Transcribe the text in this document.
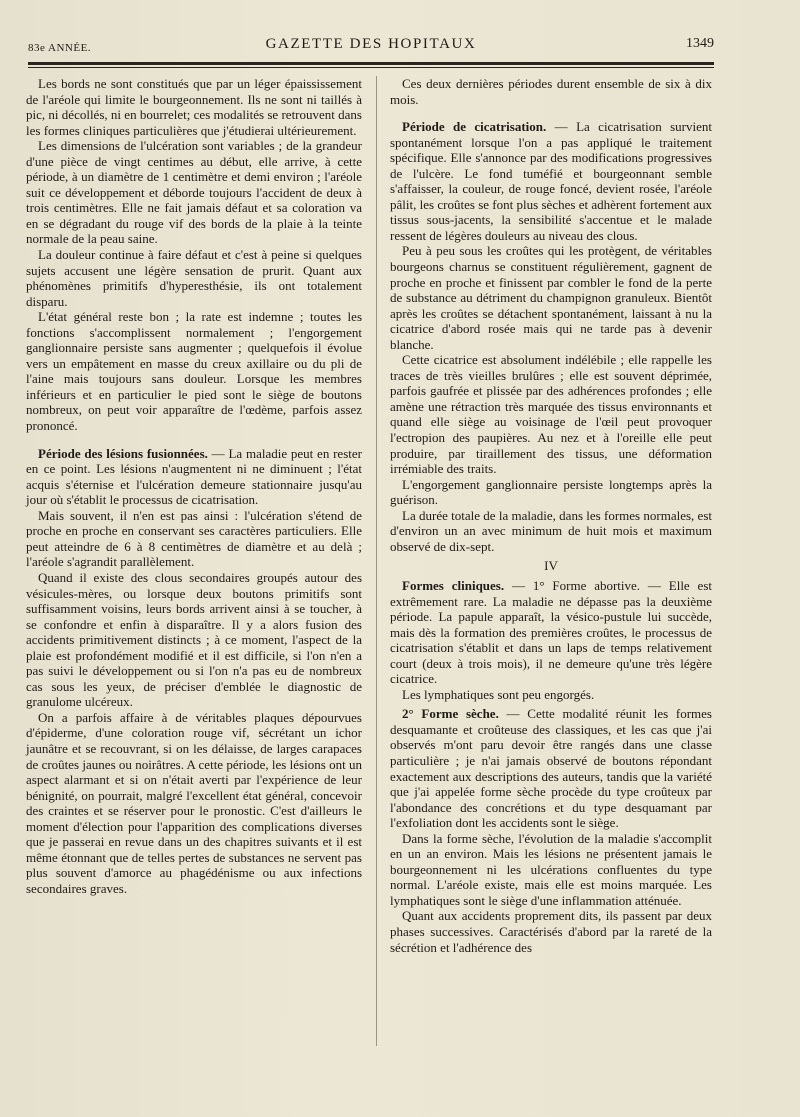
83e ANNÉE.	GAZETTE DES HOPITAUX	1349

Les bords ne sont constitués que par un léger épaississement de l'aréole qui limite le bourgeonnement. Ils ne sont ni taillés à pic, ni décollés, ni en bourrelet; ces modalités se retrouvent dans les formes cliniques particulières que j'étudierai ultérieurement.

Les dimensions de l'ulcération sont variables ; de la grandeur d'une pièce de vingt centimes au début, elle arrive, à cette période, à un diamètre de 1 centimètre et demi environ ; l'aréole suit ce développement et déborde toujours l'accident de deux à trois centimètres. Elle ne fait jamais défaut et sa coloration va en se dégradant du rouge vif des bords de la plaie à la teinte normale de la peau saine.

La douleur continue à faire défaut et c'est à peine si quelques sujets accusent une légère sensation de prurit. Quant aux phénomènes primitifs d'hyperesthésie, ils ont totalement disparu.

L'état général reste bon ; la rate est indemne ; toutes les fonctions s'accomplissent normalement ; l'engorgement ganglionnaire persiste sans augmenter ; quelquefois il évolue vers un empâtement en masse du creux axillaire ou du pli de l'aine mais toujours sans douleur. Lorsque les membres inférieurs et en particulier le pied sont le siège de boutons nombreux, on peut voir apparaître de l'œdème, parfois assez prononcé.

Période des lésions fusionnées. — La maladie peut en rester en ce point. Les lésions n'augmentent ni ne diminuent ; l'état acquis s'éternise et l'ulcération demeure stationnaire jusqu'au jour où s'établit le processus de cicatrisation.

Mais souvent, il n'en est pas ainsi : l'ulcération s'étend de proche en proche en conservant ses caractères particuliers. Elle peut atteindre de 6 à 8 centimètres de diamètre et au delà ; l'aréole s'agrandit parallèlement.

Quand il existe des clous secondaires groupés autour des vésicules-mères, ou lorsque deux boutons primitifs sont suffisamment voisins, leurs bords arrivent ainsi à se toucher, à se confondre et enfin à disparaître. Il y a alors fusion des accidents primitivement distincts ; à ce moment, l'aspect de la plaie est profondément modifié et il est difficile, si l'on n'en a pas suivi le développement ou si l'on n'a pas eu de nombreux cas sous les yeux, de préciser d'emblée le diagnostic de granulome ulcéreux.

On a parfois affaire à de véritables plaques dépourvues d'épiderme, d'une coloration rouge vif, sécrétant un ichor jaunâtre et se recouvrant, si on les délaisse, de larges carapaces de croûtes jaunes ou noirâtres. A cette période, les lésions ont un aspect alarmant et si on n'était averti par l'expérience de leur bénignité, on pourrait, malgré l'excellent état général, concevoir des craintes et se réserver pour le pronostic. C'est d'ailleurs le moment d'élection pour l'apparition des complications diverses que je passerai en revue dans un des chapitres suivants et il est même étonnant que de telles pertes de substances ne servent pas plus souvent d'amorce au phagédénisme ou aux infections secondaires graves.

Ces deux dernières périodes durent ensemble de six à dix mois.

Période de cicatrisation. — La cicatrisation survient spontanément lorsque l'on a pas appliqué le traitement spécifique. Elle s'annonce par des modifications progressives de l'ulcère. Le fond tuméfié et bourgeonnant semble s'affaisser, la couleur, de rouge foncé, devient rosée, l'aréole pâlit, les croûtes se font plus sèches et adhèrent fortement aux tissus sous-jacents, la sensibilité s'accentue et le malade ressent de légères douleurs au niveau des clous.

Peu à peu sous les croûtes qui les protègent, de véritables bourgeons charnus se constituent régulièrement, gagnent de proche en proche et finissent par combler le fond de la perte de substance au détriment du champignon granuleux. Bientôt après les croûtes se détachent spontanément, laissant à nu la cicatrice d'abord rosée mais qui ne tarde pas à devenir blanche.

Cette cicatrice est absolument indélébile ; elle rappelle les traces de très vieilles brulûres ; elle est souvent déprimée, parfois gaufrée et plissée par des adhérences profondes ; elle amène une rétraction très marquée des tissus environnants et quand elle siège au voisinage de l'œil peut provoquer l'ectropion des paupières. Au nez et à l'oreille elle peut produire, par tiraillement des tissus, une déformation irrémiable des traits.

L'engorgement ganglionnaire persiste longtemps après la guérison.

La durée totale de la maladie, dans les formes normales, est d'environ un an avec minimum de huit mois et maximum observé de dix-sept.

IV

Formes cliniques. — 1° Forme abortive. — Elle est extrêmement rare. La maladie ne dépasse pas la deuxième période. La papule apparaît, la vésico-pustule lui succède, mais dès la formation des premières croûtes, le processus de cicatrisation s'établit et dans un laps de temps relativement court (deux à trois mois), il ne demeure qu'une très légère cicatrice.

Les lymphatiques sont peu engorgés.

2° Forme sèche. — Cette modalité réunit les formes desquamante et croûteuse des classiques, et les cas que j'ai observés m'ont paru devoir être rangés dans une classe particulière ; je n'ai jamais observé de boutons répondant exactement aux descriptions des auteurs, tandis que la variété que j'ai appelée forme sèche procède du type croûteux par l'abondance des concrétions et du type desquamant par l'exfoliation dont les accidents sont le siège.

Dans la forme sèche, l'évolution de la maladie s'accomplit en un an environ. Mais les lésions ne présentent jamais le bourgeonnement ni les ulcérations confluentes du type normal. L'aréole existe, mais elle est moins marquée. Les lymphatiques sont le siège d'une inflammation atténuée.

Quant aux accidents proprement dits, ils passent par deux phases successives. Caractérisés d'abord par la rareté de la sécrétion et l'adhérence des
